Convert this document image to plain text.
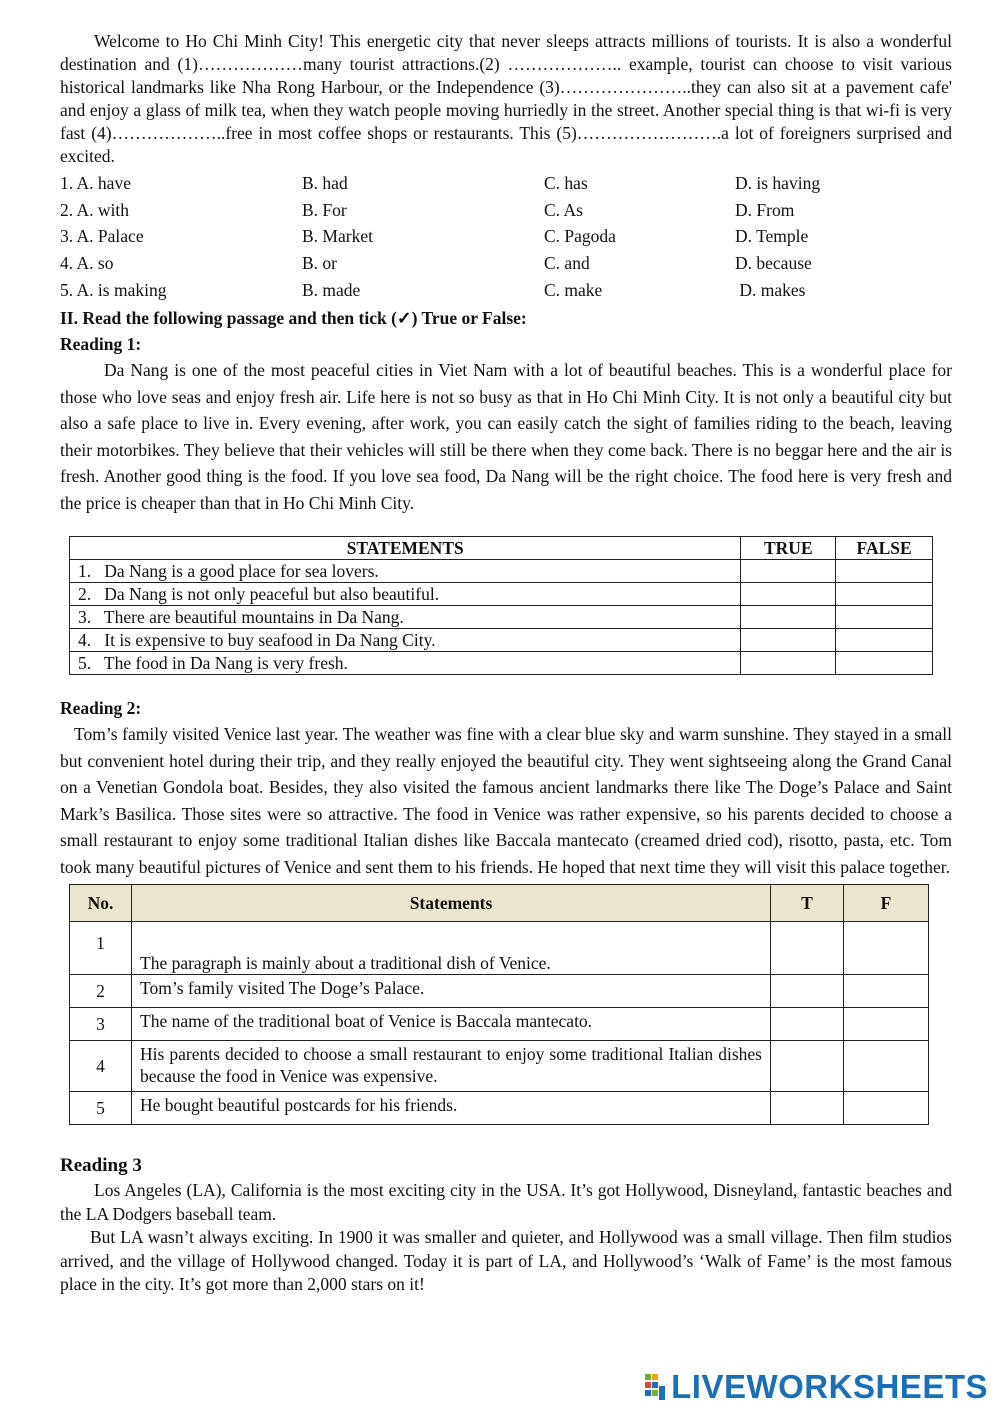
Welcome to Ho Chi Minh City! This energetic city that never sleeps attracts millions of tourists. It is also a wonderful destination and (1)………………many tourist attractions.(2) ……………….. example, tourist can choose to visit various historical landmarks like Nha Rong Harbour, or the Independence (3)…………………..they can also sit at a pavement cafe' and enjoy a glass of milk tea, when they watch people moving hurriedly in the street. Another special thing is that wi-fi is very fast (4)………………..free in most coffee shops or restaurants. This (5)…………………….a lot of foreigners surprised and excited.

1. A. have	B. had	C. has	D. is having
2. A. with	B. For	C. As	D. From
3. A. Palace	B. Market	C. Pagoda	D. Temple
4. A. so	B. or	C. and	D. because
5. A. is making	B. made	C. make	D. makes
II. Read the following passage and then tick (✓) True or False:
Reading 1:

Da Nang is one of the most peaceful cities in Viet Nam with a lot of beautiful beaches. This is a wonderful place for those who love seas and enjoy fresh air. Life here is not so busy as that in Ho Chi Minh City. It is not only a beautiful city but also a safe place to live in. Every evening, after work, you can easily catch the sight of families riding to the beach, leaving their motorbikes. They believe that their vehicles will still be there when they come back. There is no beggar here and the air is fresh. Another good thing is the food. If you love sea food, Da Nang will be the right choice. The food here is very fresh and the price is cheaper than that in Ho Chi Minh City.

STATEMENTS	TRUE	FALSE
1.   Da Nang is a good place for sea lovers.		
2.   Da Nang is not only peaceful but also beautiful.		
3.   There are beautiful mountains in Da Nang.		
4.   It is expensive to buy seafood in Da Nang City.		
5.   The food in Da Nang is very fresh.		
Reading 2:

Tom’s family visited Venice last year. The weather was fine with a clear blue sky and warm sunshine. They stayed in a small but convenient hotel during their trip, and they really enjoyed the beautiful city. They went sightseeing along the Grand Canal on a Venetian Gondola boat. Besides, they also visited the famous ancient landmarks there like The Doge’s Palace and Saint Mark’s Basilica. Those sites were so attractive. The food in Venice was rather expensive, so his parents decided to choose a small restaurant to enjoy some traditional Italian dishes like Baccala mantecato (creamed dried cod), risotto, pasta, etc. Tom took many beautiful pictures of Venice and sent them to his friends. He hoped that next time they will visit this palace together.

No.	Statements	T	F
1	The paragraph is mainly about a traditional dish of Venice.		
2	Tom’s family visited The Doge’s Palace.		
3	The name of the traditional boat of Venice is Baccala mantecato.		
4	His parents decided to choose a small restaurant to enjoy some traditional Italian dishes because the food in Venice was expensive.		
5	He bought beautiful postcards for his friends.		
Reading 3

Los Angeles (LA), California is the most exciting city in the USA. It’s got Hollywood, Disneyland, fantastic beaches and the LA Dodgers baseball team.

But LA wasn’t always exciting. In 1900 it was smaller and quieter, and Hollywood was a small village. Then film studios arrived, and the village of Hollywood changed. Today it is part of LA, and Hollywood’s ‘Walk of Fame’ is the most famous place in the city. It’s got more than 2,000 stars on it!

LIVEWORKSHEETS
